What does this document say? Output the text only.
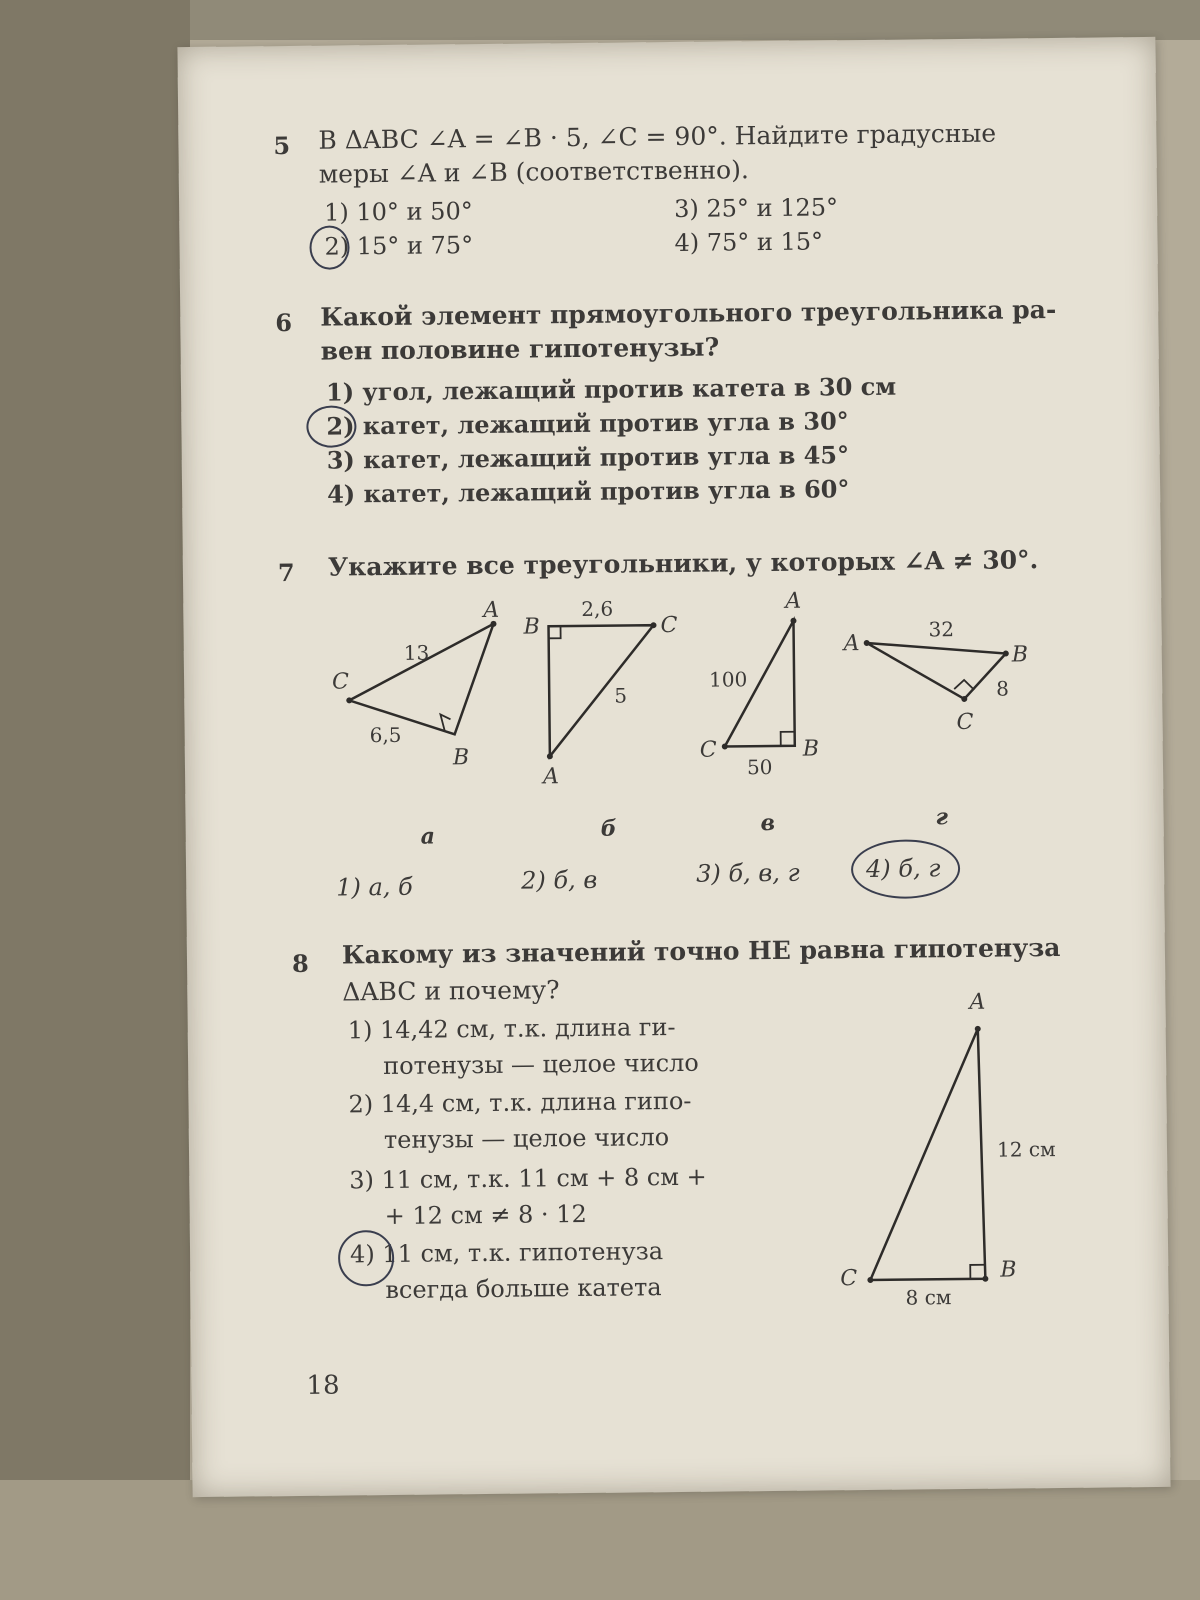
5 В ΔABC ∠A = ∠B · 5, ∠C = 90°. Найдите градусные
меры ∠A и ∠B (соответственно).
1) 10° и 50°
2) 15° и 75°
3) 25° и 125°
4) 75° и 15°
6 Какой элемент прямоугольного треугольника ра-
вен половине гипотенузы?
1) угол, лежащий против катета в 30 см
2) катет, лежащий против угла в 30°
3) катет, лежащий против угла в 45°
4) катет, лежащий против угла в 60°
7 Укажите все треугольники, у которых ∠A ≠ 30°.
A
C
B
13
6,5
B	C
A
2,6
5
A
C	B
100
50
A	B
C
32
8
а	б	в	г
1) а, б	2) б, в	3) б, в, г	4) б, г
8 Какому из значений точно НЕ равна гипотенуза
ΔABC и почему?
1) 14,42 см, т.к. длина ги-
потенузы — целое число
2) 14,4 см, т.к. длина гипо-
тенузы — целое число
3) 11 см, т.к. 11 см + 8 см +
+ 12 см ≠ 8 · 12
4) 11 см, т.к. гипотенуза
всегда больше катета
A
B
C
12 см
8 см
18
